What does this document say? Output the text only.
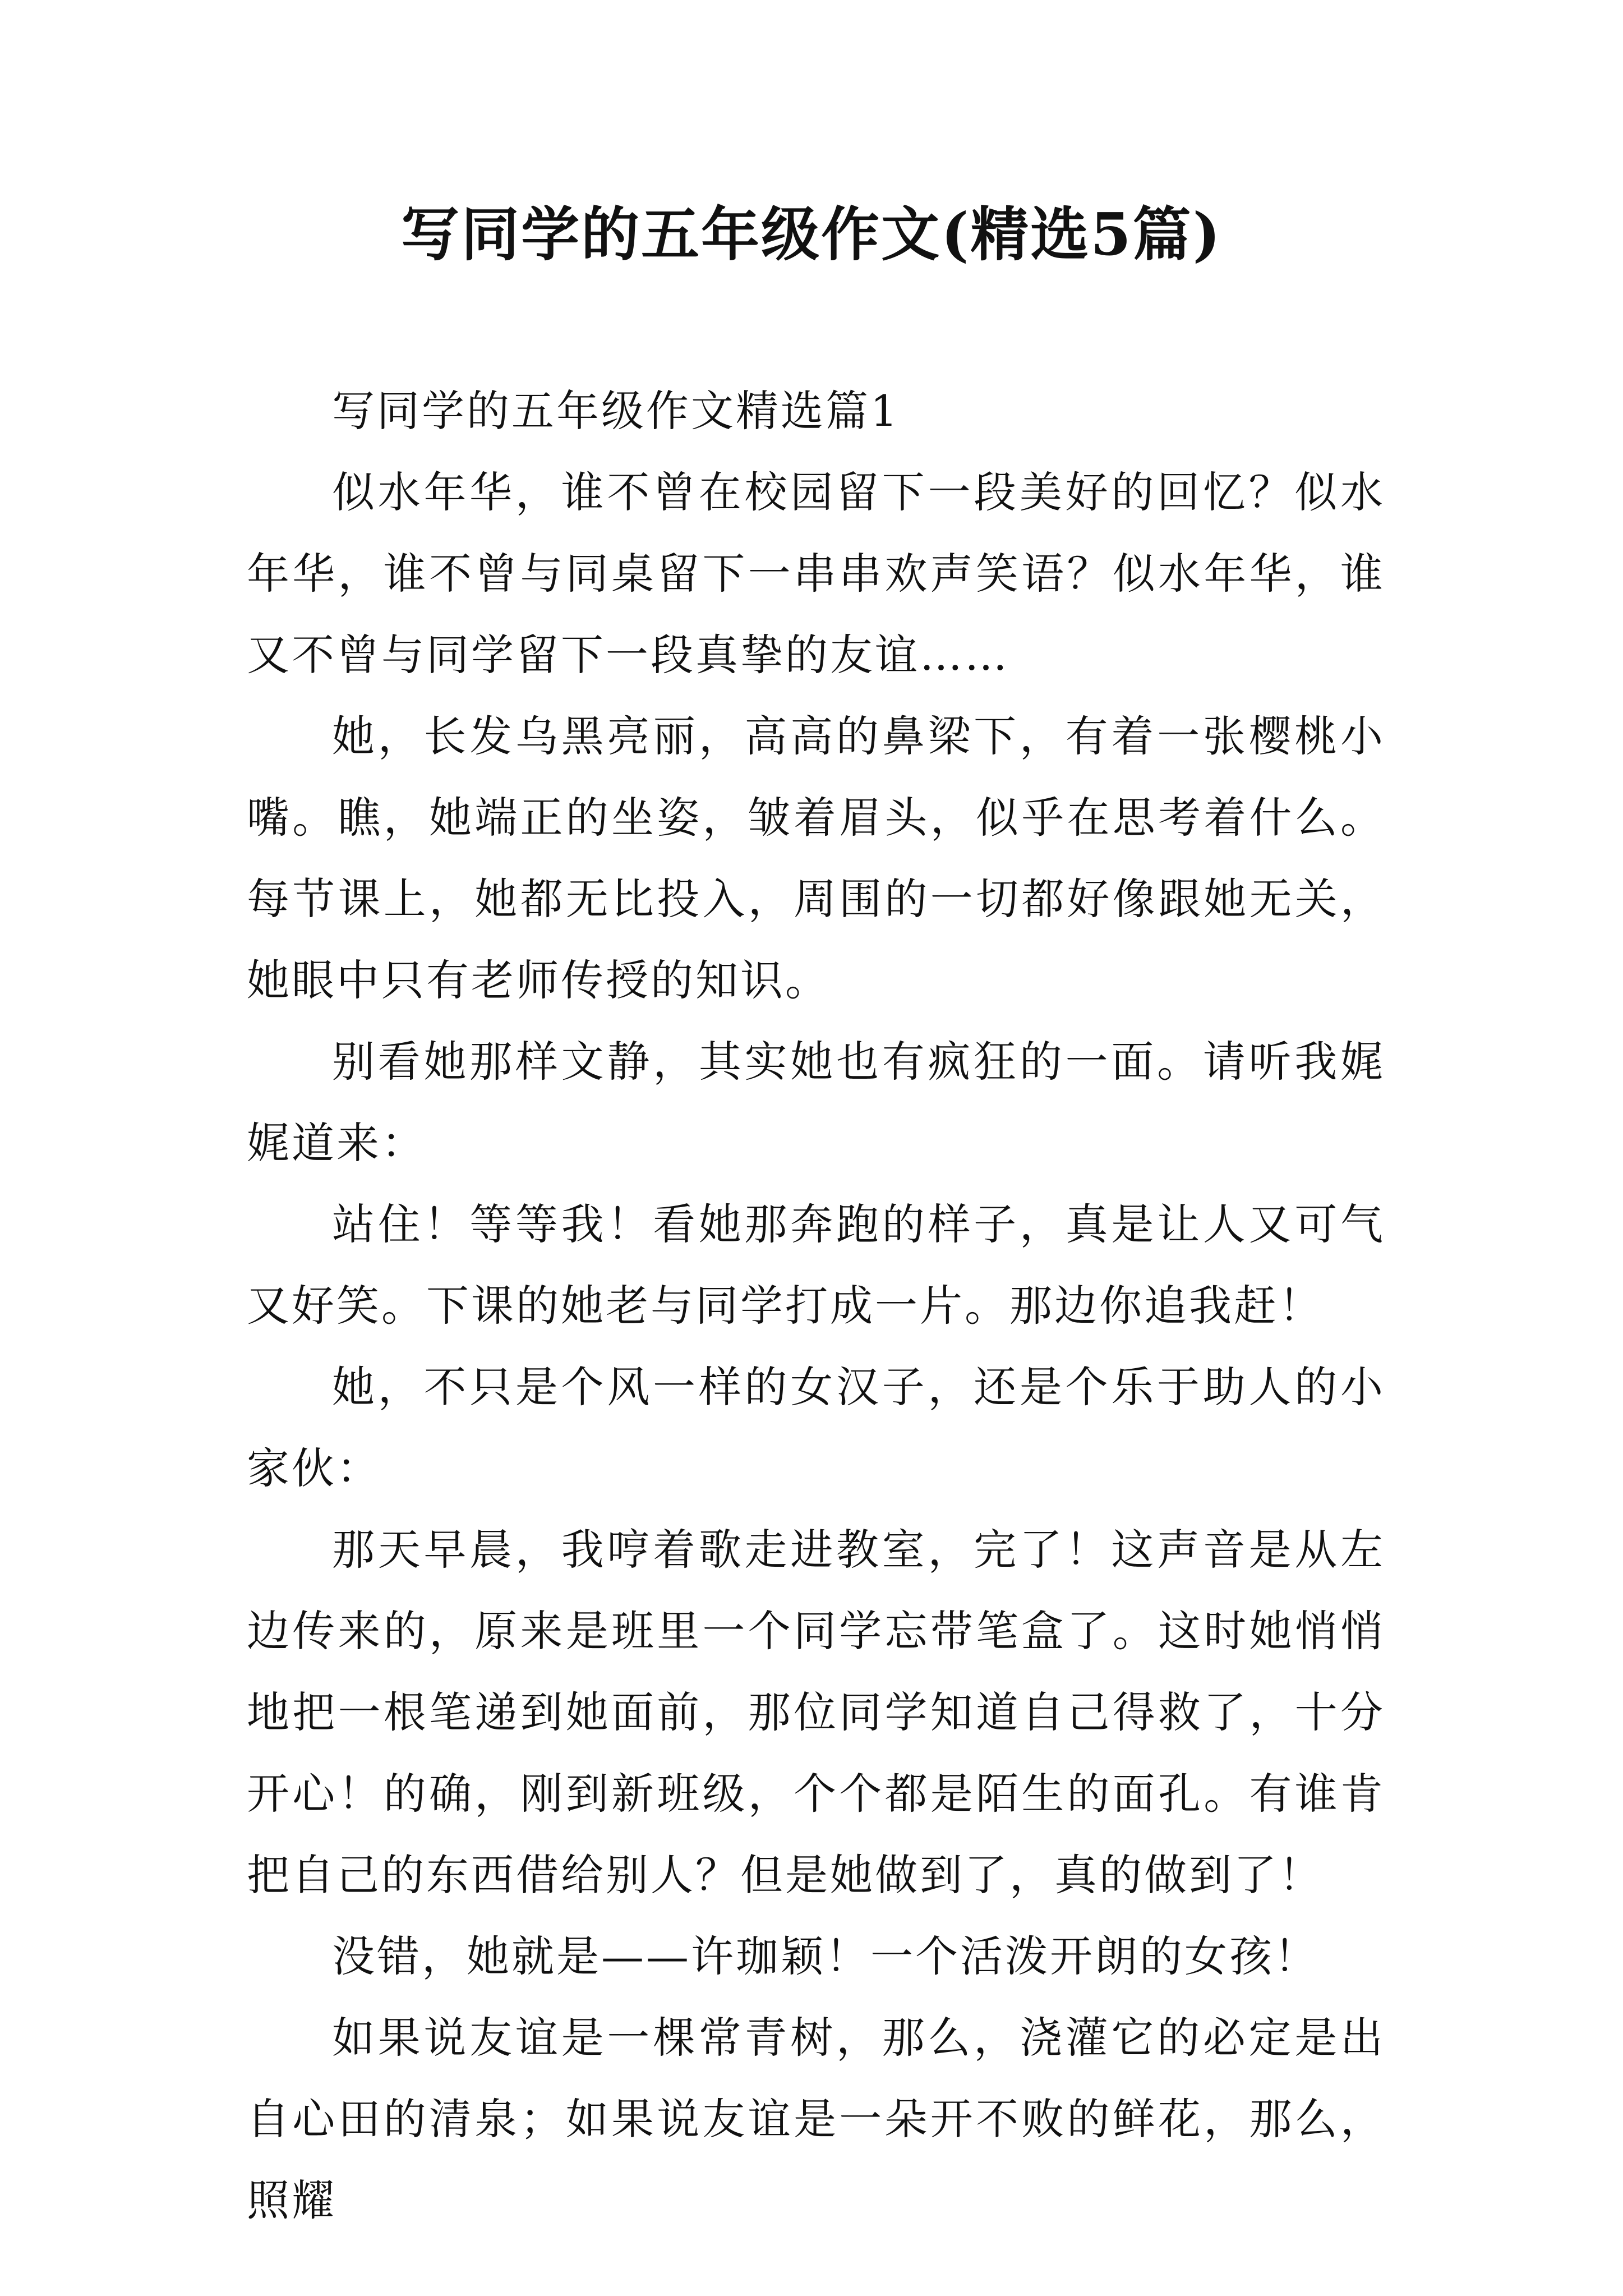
写同学的五年级作文(精选5篇)

写同学的五年级作文精选篇1

似水年华，谁不曾在校园留下一段美好的回忆？似水年华，谁不曾与同桌留下一串串欢声笑语？似水年华，谁又不曾与同学留下一段真挚的友谊……

她，长发乌黑亮丽，高高的鼻梁下，有着一张樱桃小嘴。瞧，她端正的坐姿，皱着眉头，似乎在思考着什么。每节课上，她都无比投入，周围的一切都好像跟她无关，她眼中只有老师传授的知识。

别看她那样文静，其实她也有疯狂的一面。请听我娓娓道来：

站住！等等我！看她那奔跑的样子，真是让人又可气又好笑。下课的她老与同学打成一片。那边你追我赶！

她，不只是个风一样的女汉子，还是个乐于助人的小家伙：

那天早晨，我哼着歌走进教室，完了！这声音是从左边传来的，原来是班里一个同学忘带笔盒了。这时她悄悄地把一根笔递到她面前，那位同学知道自己得救了，十分开心！的确，刚到新班级，个个都是陌生的面孔。有谁肯把自己的东西借给别人？但是她做到了，真的做到了！

没错，她就是——许珈颖！一个活泼开朗的女孩！

如果说友谊是一棵常青树，那么，浇灌它的必定是出自心田的清泉；如果说友谊是一朵开不败的鲜花，那么，照耀
